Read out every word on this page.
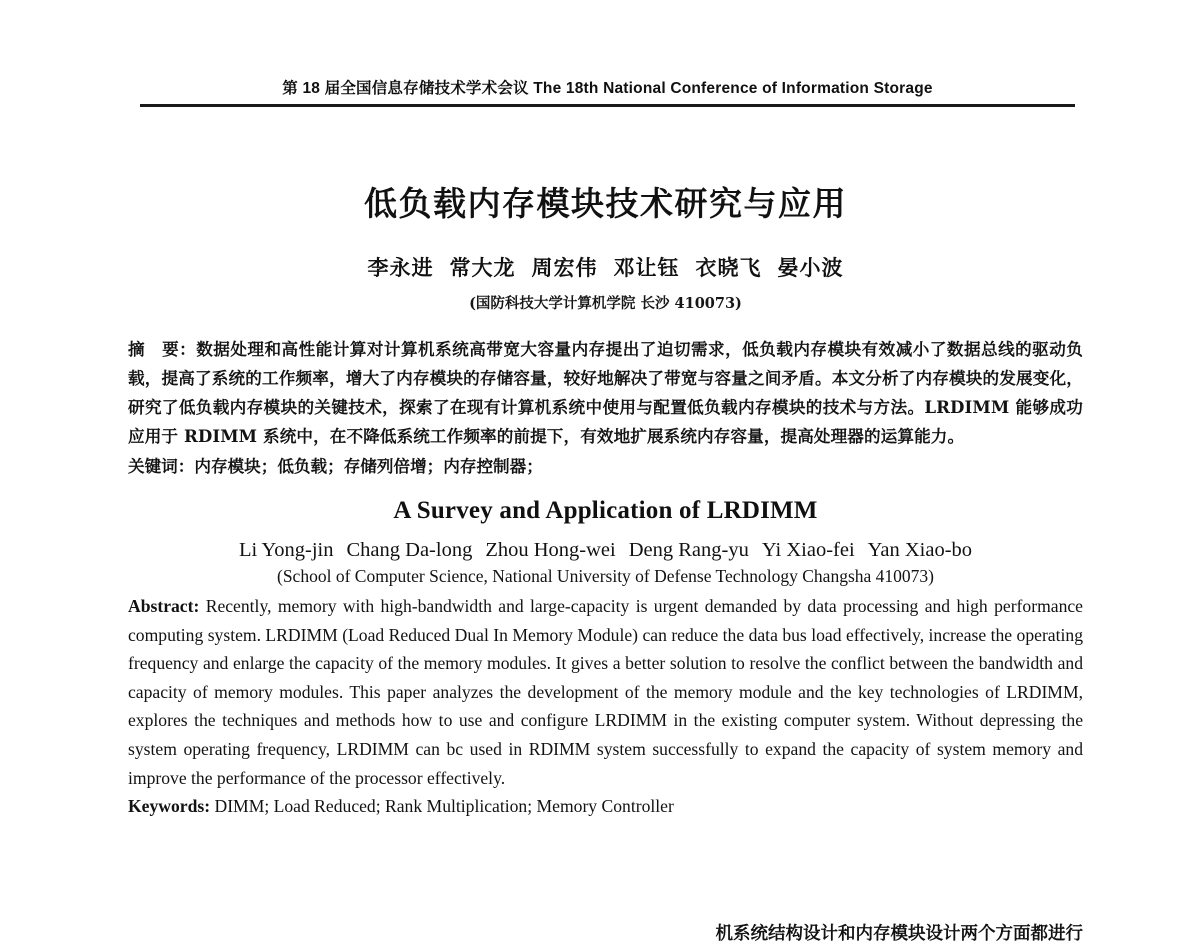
第 18 届全国信息存储技术学术会议 The 18th National Conference of Information Storage
低负载内存模块技术研究与应用
李永进 常大龙 周宏伟 邓让钰 衣晓飞 晏小波
(国防科技大学计算机学院 长沙 410073)
摘　要：数据处理和高性能计算对计算机系统高带宽大容量内存提出了迫切需求，低负载内存模块有效减小了数据总线的驱动负载，提高了系统的工作频率，增大了内存模块的存储容量，较好地解决了带宽与容量之间矛盾。本文分析了内存模块的发展变化，研究了低负载内存模块的关键技术，探索了在现有计算机系统中使用与配置低负载内存模块的技术与方法。LRDIMM 能够成功应用于 RDIMM 系统中，在不降低系统工作频率的前提下，有效地扩展系统内存容量，提高处理器的运算能力。
关键词：内存模块；低负载；存储列倍增；内存控制器；
A Survey and Application of LRDIMM
Li Yong-jin Chang Da-long Zhou Hong-wei Deng Rang-yu Yi Xiao-fei Yan Xiao-bo
(School of Computer Science, National University of Defense Technology Changsha 410073)
Abstract: Recently, memory with high-bandwidth and large-capacity is urgent demanded by data processing and high performance computing system. LRDIMM (Load Reduced Dual In Memory Module) can reduce the data bus load effectively, increase the operating frequency and enlarge the capacity of the memory modules. It gives a better solution to resolve the conflict between the bandwidth and capacity of memory modules. This paper analyzes the development of the memory module and the key technologies of LRDIMM, explores the techniques and methods how to use and configure LRDIMM in the existing computer system. Without depressing the system operating frequency, LRDIMM can bc used in RDIMM system successfully to expand the capacity of system memory and improve the performance of the processor effectively.
Keywords: DIMM; Load Reduced; Rank Multiplication; Memory Controller
机系统结构设计和内存模块设计两个方面都进行
